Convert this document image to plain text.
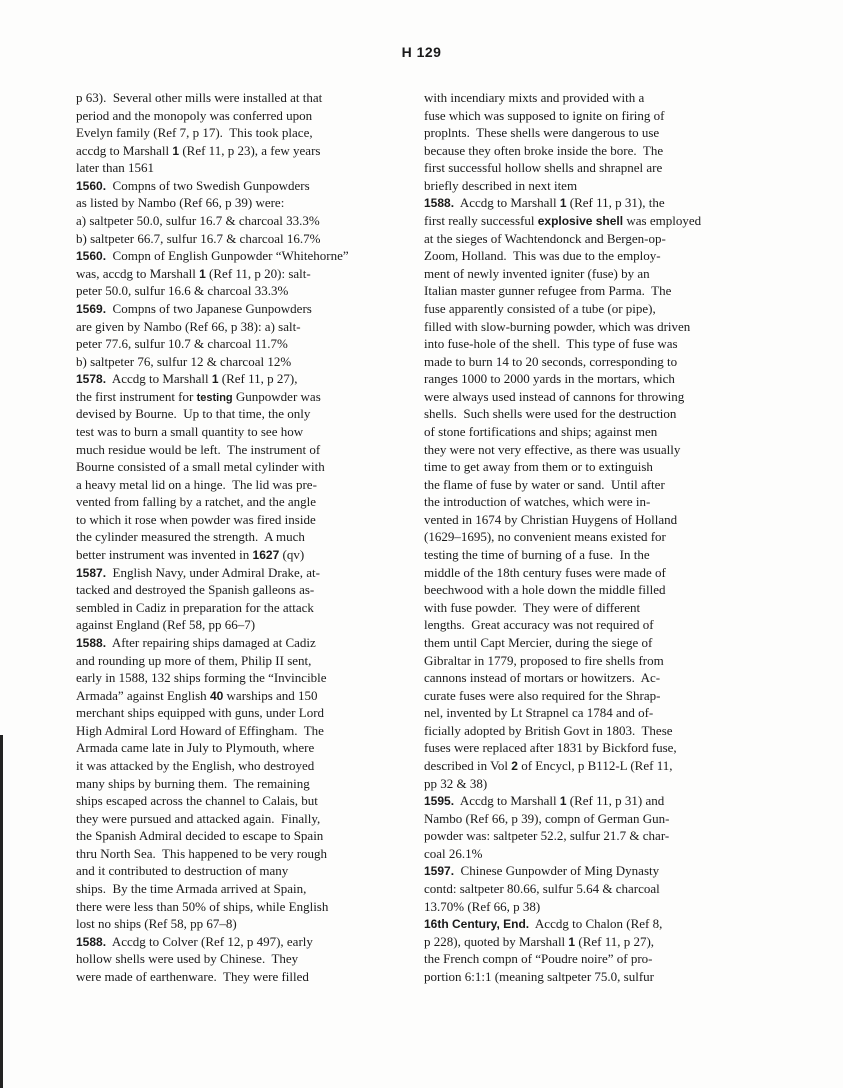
H 129
p 63).  Several other mills were installed at that
period and the monopoly was conferred upon
Evelyn family (Ref 7, p 17).  This took place,
accdg to Marshall 1 (Ref 11, p 23), a few years
later than 1561
1560.  Compns of two Swedish Gunpowders
as listed by Nambo (Ref 66, p 39) were:
a) saltpeter 50.0, sulfur 16.7 & charcoal 33.3%
b) saltpeter 66.7, sulfur 16.7 & charcoal 16.7%
1560.  Compn of English Gunpowder “Whitehorne”
was, accdg to Marshall 1 (Ref 11, p 20): salt-
peter 50.0, sulfur 16.6 & charcoal 33.3%
1569.  Compns of two Japanese Gunpowders
are given by Nambo (Ref 66, p 38): a) salt-
peter 77.6, sulfur 10.7 & charcoal 11.7%
b) saltpeter 76, sulfur 12 & charcoal 12%
1578.  Accdg to Marshall 1 (Ref 11, p 27),
the first instrument for testing Gunpowder was
devised by Bourne.  Up to that time, the only
test was to burn a small quantity to see how
much residue would be left.  The instrument of
Bourne consisted of a small metal cylinder with
a heavy metal lid on a hinge.  The lid was pre-
vented from falling by a ratchet, and the angle
to which it rose when powder was fired inside
the cylinder measured the strength.  A much
better instrument was invented in 1627 (qv)
1587.  English Navy, under Admiral Drake, at-
tacked and destroyed the Spanish galleons as-
sembled in Cadiz in preparation for the attack
against England (Ref 58, pp 66–7)
1588.  After repairing ships damaged at Cadiz
and rounding up more of them, Philip II sent,
early in 1588, 132 ships forming the “Invincible
Armada” against English 40 warships and 150
merchant ships equipped with guns, under Lord
High Admiral Lord Howard of Effingham.  The
Armada came late in July to Plymouth, where
it was attacked by the English, who destroyed
many ships by burning them.  The remaining
ships escaped across the channel to Calais, but
they were pursued and attacked again.  Finally,
the Spanish Admiral decided to escape to Spain
thru North Sea.  This happened to be very rough
and it contributed to destruction of many
ships.  By the time Armada arrived at Spain,
there were less than 50% of ships, while English
lost no ships (Ref 58, pp 67–8)
1588.  Accdg to Colver (Ref 12, p 497), early
hollow shells were used by Chinese.  They
were made of earthenware.  They were filled
with incendiary mixts and provided with a
fuse which was supposed to ignite on firing of
proplnts.  These shells were dangerous to use
because they often broke inside the bore.  The
first successful hollow shells and shrapnel are
briefly described in next item
1588.  Accdg to Marshall 1 (Ref 11, p 31), the
first really successful explosive shell was employed
at the sieges of Wachtendonck and Bergen-op-
Zoom, Holland.  This was due to the employ-
ment of newly invented igniter (fuse) by an
Italian master gunner refugee from Parma.  The
fuse apparently consisted of a tube (or pipe),
filled with slow-burning powder, which was driven
into fuse-hole of the shell.  This type of fuse was
made to burn 14 to 20 seconds, corresponding to
ranges 1000 to 2000 yards in the mortars, which
were always used instead of cannons for throwing
shells.  Such shells were used for the destruction
of stone fortifications and ships; against men
they were not very effective, as there was usually
time to get away from them or to extinguish
the flame of fuse by water or sand.  Until after
the introduction of watches, which were in-
vented in 1674 by Christian Huygens of Holland
(1629–1695), no convenient means existed for
testing the time of burning of a fuse.  In the
middle of the 18th century fuses were made of
beechwood with a hole down the middle filled
with fuse powder.  They were of different
lengths.  Great accuracy was not required of
them until Capt Mercier, during the siege of
Gibraltar in 1779, proposed to fire shells from
cannons instead of mortars or howitzers.  Ac-
curate fuses were also required for the Shrap-
nel, invented by Lt Strapnel ca 1784 and of-
ficially adopted by British Govt in 1803.  These
fuses were replaced after 1831 by Bickford fuse,
described in Vol 2 of Encycl, p B112-L (Ref 11,
pp 32 & 38)
1595.  Accdg to Marshall 1 (Ref 11, p 31) and
Nambo (Ref 66, p 39), compn of German Gun-
powder was: saltpeter 52.2, sulfur 21.7 & char-
coal 26.1%
1597.  Chinese Gunpowder of Ming Dynasty
contd: saltpeter 80.66, sulfur 5.64 & charcoal
13.70% (Ref 66, p 38)
16th Century, End.  Accdg to Chalon (Ref 8,
p 228), quoted by Marshall 1 (Ref 11, p 27),
the French compn of “Poudre noire” of pro-
portion 6:1:1 (meaning saltpeter 75.0, sulfur
